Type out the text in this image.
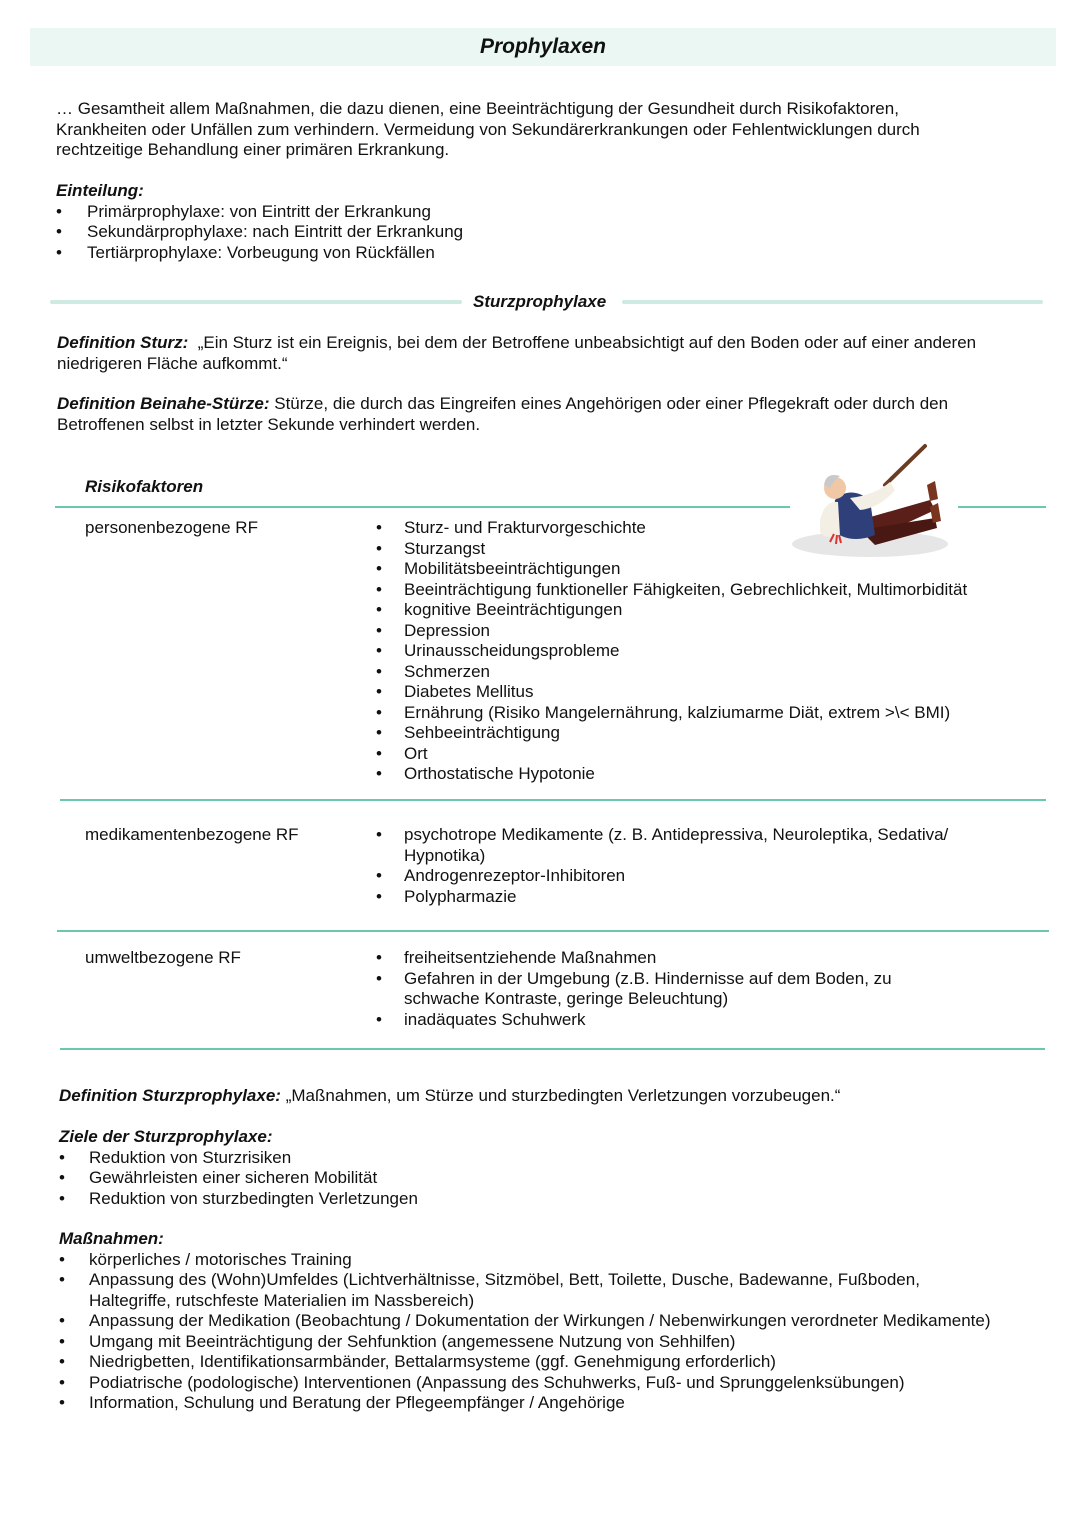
Prophylaxen
… Gesamtheit allem Maßnahmen, die dazu dienen, eine Beeinträchtigung der Gesundheit durch Risikofaktoren,
Krankheiten oder Unfällen zum verhindern. Vermeidung von Sekundärerkrankungen oder Fehlentwicklungen durch
rechtzeitige Behandlung einer primären Erkrankung.
Einteilung:
• Primärprophylaxe: von Eintritt der Erkrankung
• Sekundärprophylaxe: nach Eintritt der Erkrankung
• Tertiärprophylaxe: Vorbeugung von Rückfällen
Sturzprophylaxe
Definition Sturz: „Ein Sturz ist ein Ereignis, bei dem der Betroffene unbeabsichtigt auf den Boden oder auf einer anderen
niedrigeren Fläche aufkommt.“
Definition Beinahe-Stürze: Stürze, die durch das Eingreifen eines Angehörigen oder einer Pflegekraft oder durch den
Betroffenen selbst in letzter Sekunde verhindert werden.
Risikofaktoren
personenbezogene RF	• Sturz- und Frakturvorgeschichte
• Sturzangst
• Mobilitätsbeeinträchtigungen
• Beeinträchtigung funktioneller Fähigkeiten, Gebrechlichkeit, Multimorbidität
• kognitive Beeinträchtigungen
• Depression
• Urinausscheidungsprobleme
• Schmerzen
• Diabetes Mellitus
• Ernährung (Risiko Mangelernährung, kalziumarme Diät, extrem >\< BMI)
• Sehbeeinträchtigung
• Ort
• Orthostatische Hypotonie
medikamentenbezogene RF	• psychotrope Medikamente (z. B. Antidepressiva, Neuroleptika, Sedativa/
Hypnotika)
• Androgenrezeptor-Inhibitoren
• Polypharmazie
umweltbezogene RF	• freiheitsentziehende Maßnahmen
• Gefahren in der Umgebung (z.B. Hindernisse auf dem Boden, zu
schwache Kontraste, geringe Beleuchtung)
• inadäquates Schuhwerk
Definition Sturzprophylaxe: „Maßnahmen, um Stürze und sturzbedingten Verletzungen vorzubeugen.“
Ziele der Sturzprophylaxe:
• Reduktion von Sturzrisiken
• Gewährleisten einer sicheren Mobilität
• Reduktion von sturzbedingten Verletzungen
Maßnahmen:
• körperliches / motorisches Training
• Anpassung des (Wohn)Umfeldes (Lichtverhältnisse, Sitzmöbel, Bett, Toilette, Dusche, Badewanne, Fußboden,
Haltegriffe, rutschfeste Materialien im Nassbereich)
• Anpassung der Medikation (Beobachtung / Dokumentation der Wirkungen / Nebenwirkungen verordneter Medikamente)
• Umgang mit Beeinträchtigung der Sehfunktion (angemessene Nutzung von Sehhilfen)
• Niedrigbetten, Identifikationsarmbänder, Bettalarmsysteme (ggf. Genehmigung erforderlich)
• Podiatrische (podologische) Interventionen (Anpassung des Schuhwerks, Fuß- und Sprunggelenksübungen)
• Information, Schulung und Beratung der Pflegeempfänger / Angehörige
